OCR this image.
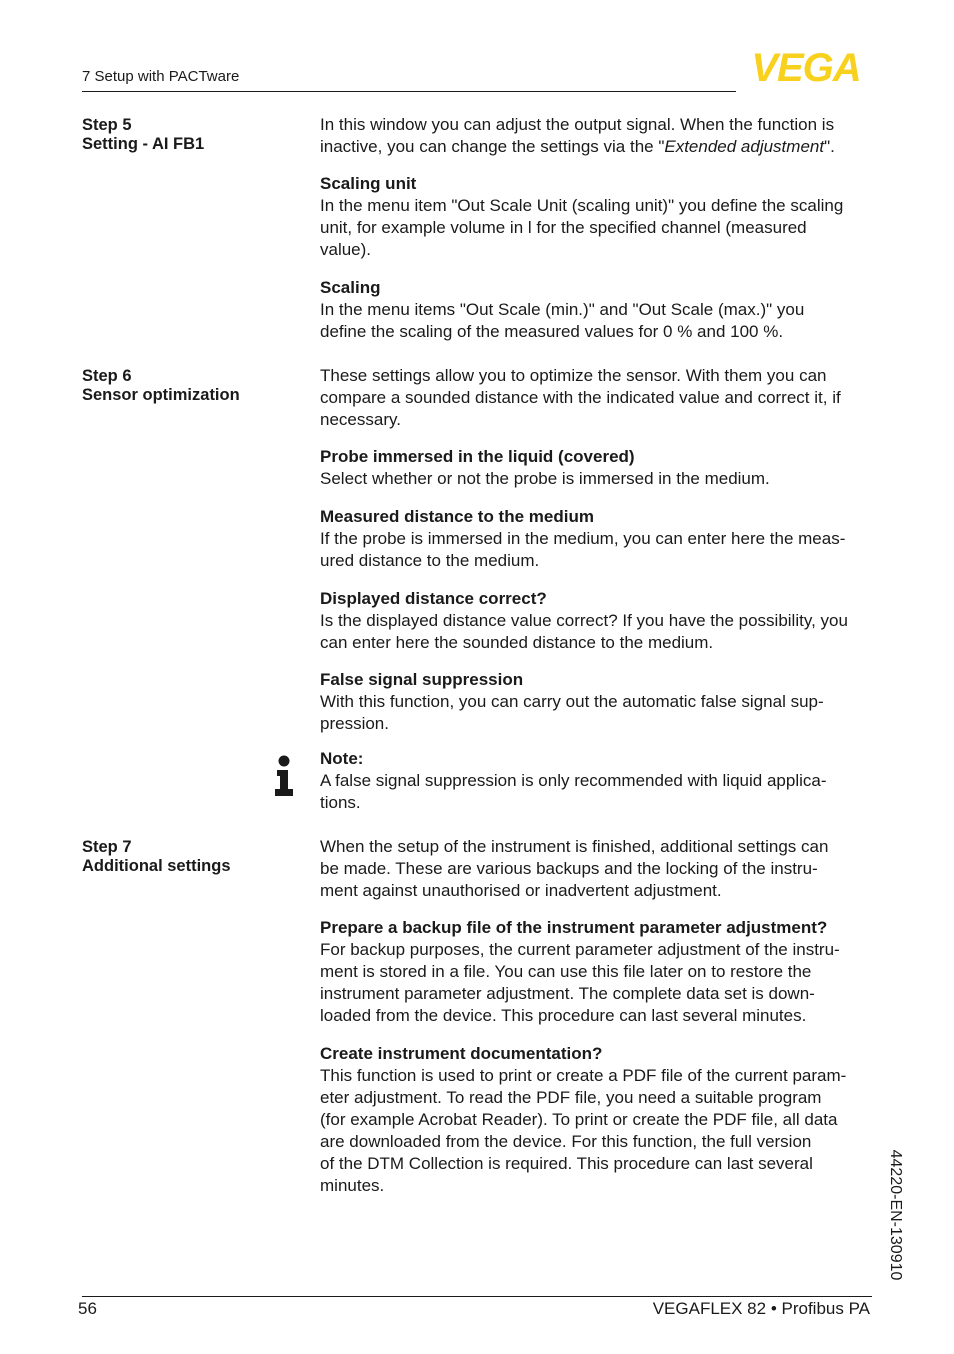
7 Setup with PACTware	VEGA
Step 5
Setting - AI FB1

In this window you can adjust the output signal. When the function is

inactive, you can change the settings via the "Extended adjustment".

Scaling unit

In the menu item "Out Scale Unit (scaling unit)" you define the scaling

unit, for example volume in l for the specified channel (measured

value).

Scaling

In the menu items "Out Scale (min.)" and "Out Scale (max.)" you

define the scaling of the measured values for 0 % and 100 %.

Step 6
Sensor optimization

These settings allow you to optimize the sensor. With them you can

compare a sounded distance with the indicated value and correct it, if

necessary.

Probe immersed in the liquid (covered)

Select whether or not the probe is immersed in the medium.

Measured distance to the medium

If the probe is immersed in the medium, you can enter here the meas-

ured distance to the medium.

Displayed distance correct?

Is the displayed distance value correct? If you have the possibility, you

can enter here the sounded distance to the medium.

False signal suppression

With this function, you can carry out the automatic false signal sup-

pression.

Note:

A false signal suppression is only recommended with liquid applica-

tions.

Step 7
Additional settings

When the setup of the instrument is finished, additional settings can

be made. These are various backups and the locking of the instru-

ment against unauthorised or inadvertent adjustment.

Prepare a backup file of the instrument parameter adjustment?

For backup purposes, the current parameter adjustment of the instru-

ment is stored in a file. You can use this file later on to restore the

instrument parameter adjustment. The complete data set is down-

loaded from the device. This procedure can last several minutes.

Create instrument documentation?

This function is used to print or create a PDF file of the current param-

eter adjustment. To read the PDF file, you need a suitable program

(for example Acrobat Reader). To print or create the PDF file, all data

are downloaded from the device. For this function, the full version

of the DTM Collection is required. This procedure can last several

minutes.	44220-EN-130910
56	VEGAFLEX 82 • Profibus PA
